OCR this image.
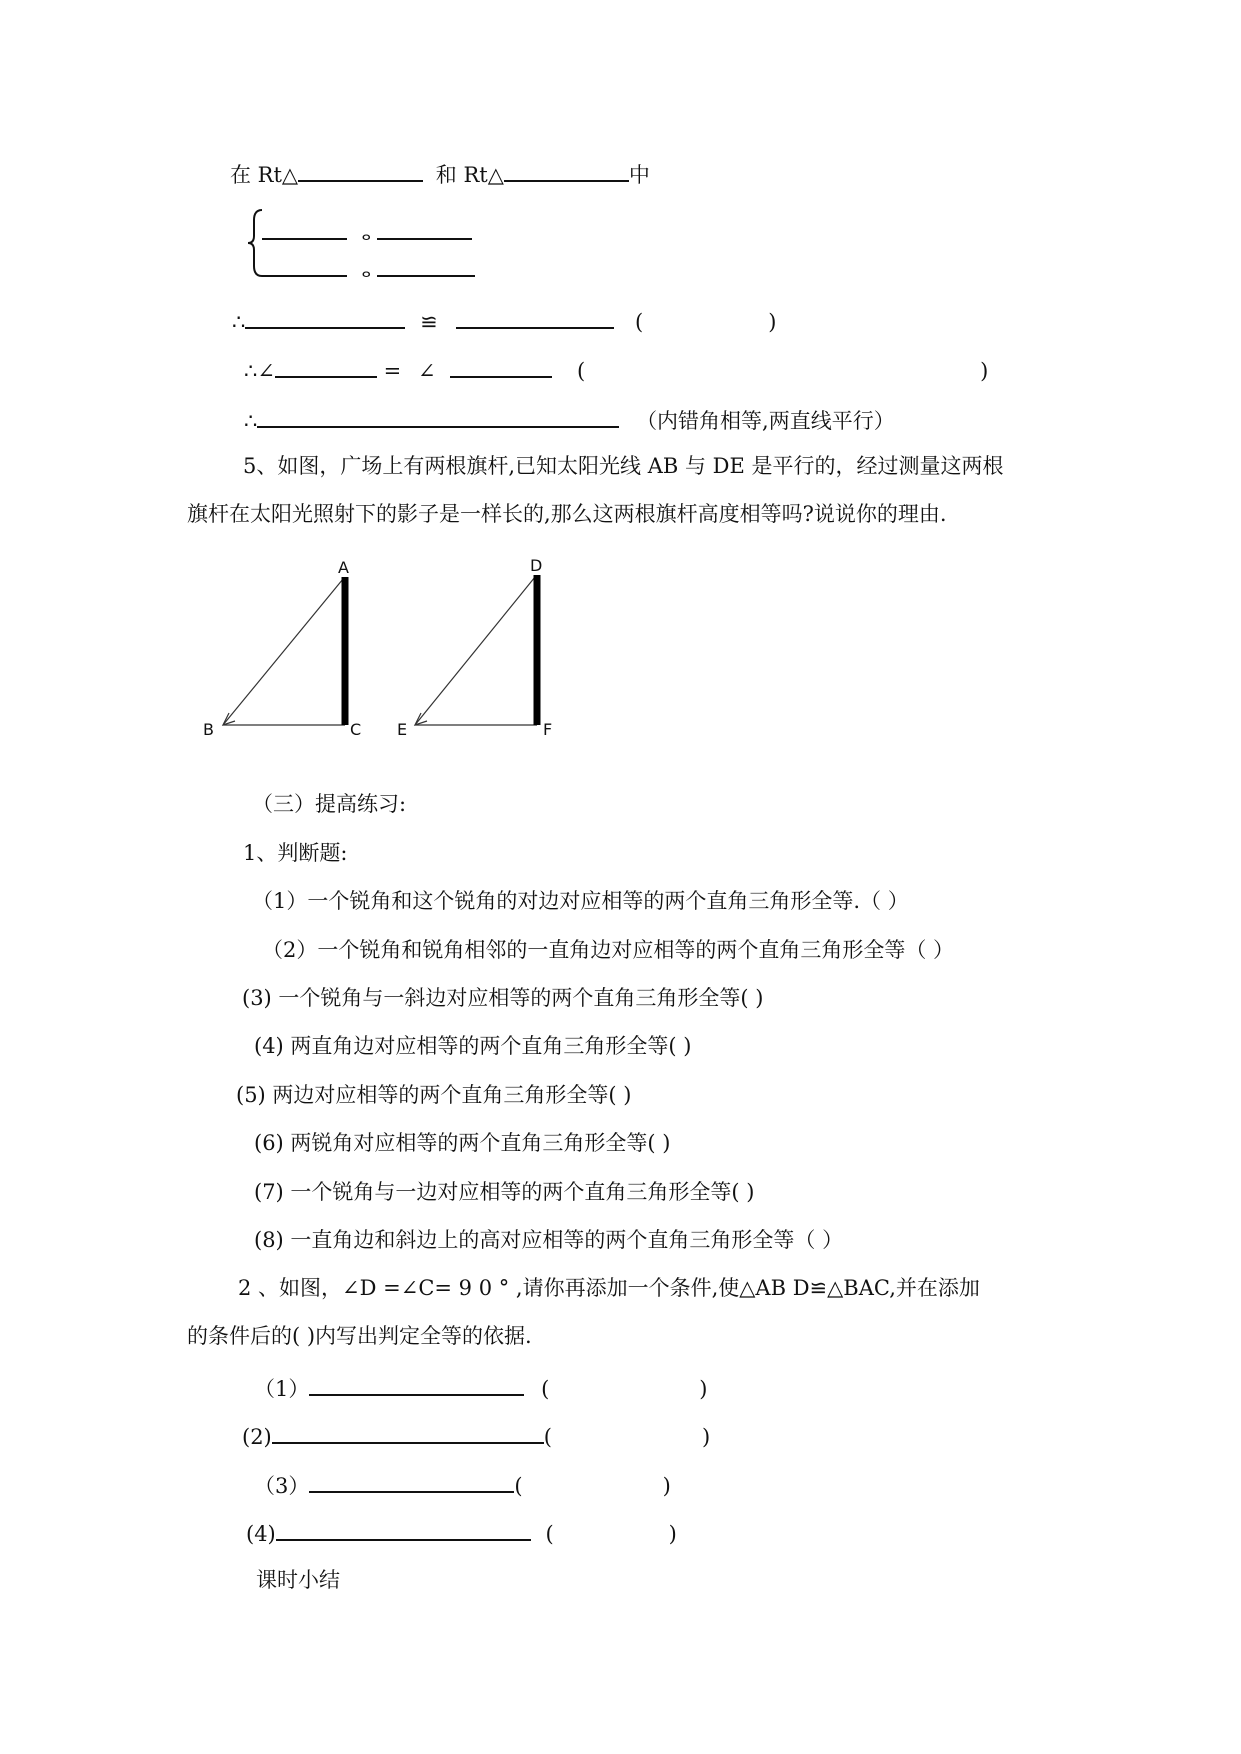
在 Rt△	和 Rt△	中
ⴰ
ⴰ
∴	≌	(	)
∴∠	= ∠	(	)
∴	（内错角相等,两直线平行）
5、如图，广场上有两根旗杆,已知太阳光线 AB 与 DE 是平行的，经过测量这两根
旗杆在太阳光照射下的影子是一样长的,那么这两根旗杆高度相等吗?说说你的理由.
A
B	C
D
E	F
（三）提高练习:
1、判断题:
（1）一个锐角和这个锐角的对边对应相等的两个直角三角形全等.（ ）
（2）一个锐角和锐角相邻的一直角边对应相等的两个直角三角形全等（ ）
(3) 一个锐角与一斜边对应相等的两个直角三角形全等( )
(4) 两直角边对应相等的两个直角三角形全等( )
(5) 两边对应相等的两个直角三角形全等( )
(6) 两锐角对应相等的两个直角三角形全等( )
(7) 一个锐角与一边对应相等的两个直角三角形全等( )
(8) 一直角边和斜边上的高对应相等的两个直角三角形全等（ ）
2 、如图，∠D =∠C= 9 0 ° ,请你再添加一个条件,使△AB D≌△BAC,并在添加
的条件后的( )内写出判定全等的依据.
（1）	(	)
(2)	(	)
（3）	(	)
(4)	(	)
课时小结
